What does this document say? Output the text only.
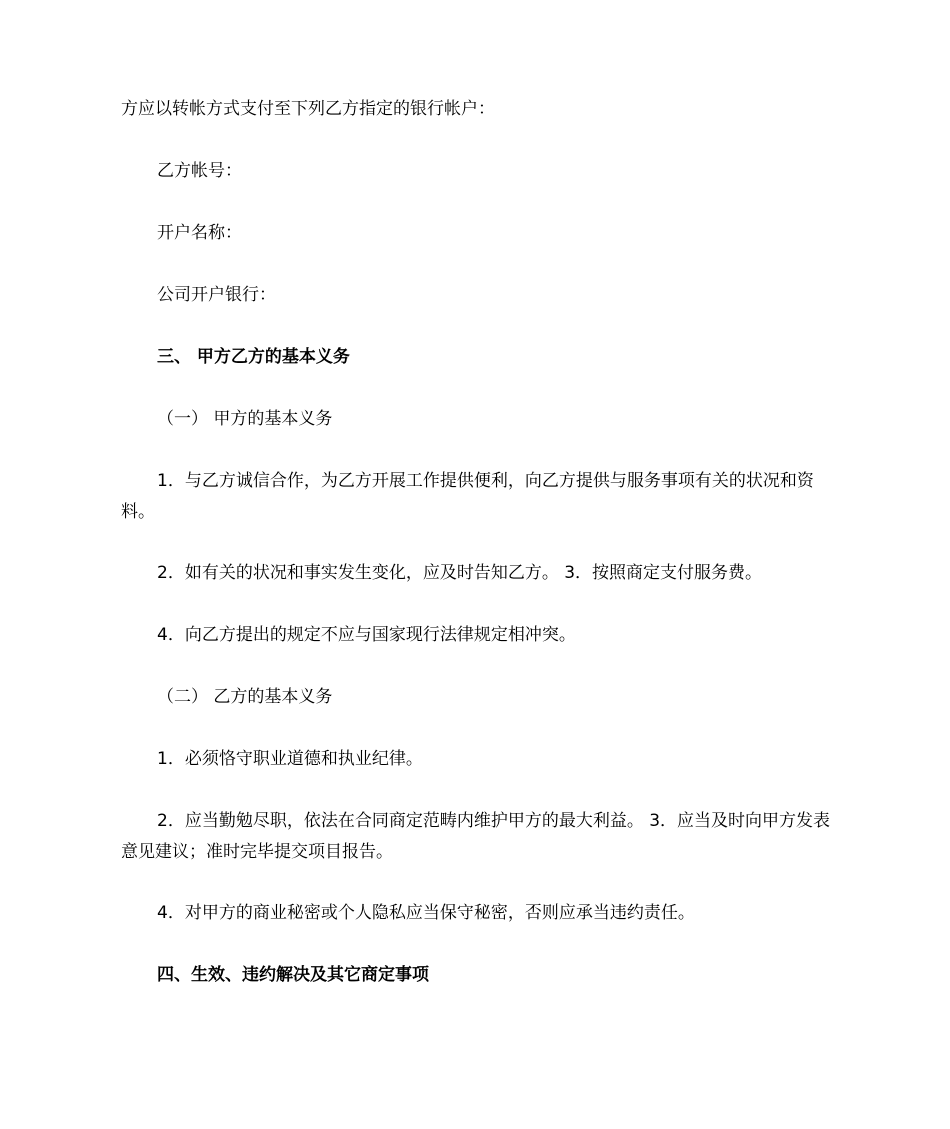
方应以转帐方式支付至下列乙方指定的银行帐户：
乙方帐号：
开户名称：
公司开户银行：
三、 甲方乙方的基本义务
（一） 甲方的基本义务
1．与乙方诚信合作，为乙方开展工作提供便利，向乙方提供与服务事项有关的状况和资料。
2．如有关的状况和事实发生变化，应及时告知乙方。 3．按照商定支付服务费。
4．向乙方提出的规定不应与国家现行法律规定相冲突。
（二） 乙方的基本义务
1．必须恪守职业道德和执业纪律。
2．应当勤勉尽职，依法在合同商定范畴内维护甲方的最大利益。 3．应当及时向甲方发表意见建议；准时完毕提交项目报告。
4．对甲方的商业秘密或个人隐私应当保守秘密，否则应承当违约责任。
四、生效、违约解决及其它商定事项
